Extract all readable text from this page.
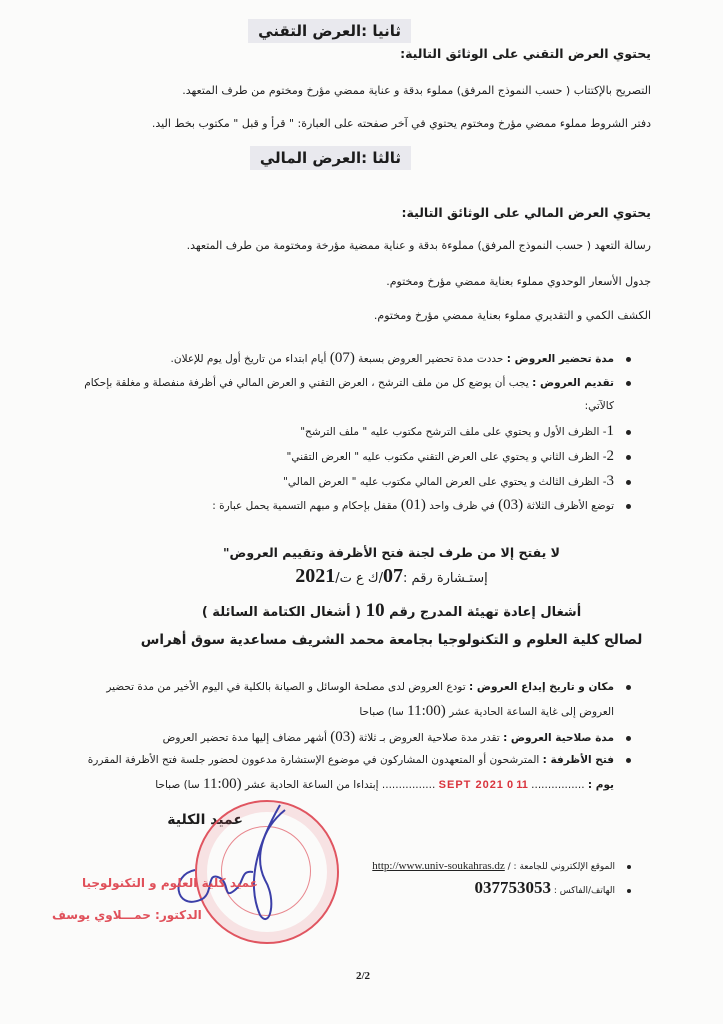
ثانيا :العرض التقني
يحتوي العرض التقني على الوثائق التالية:
التصريح بالإكتتاب ( حسب النموذج المرفق) مملوء بدقة و عناية ممضي مؤرخ ومختوم من طرف المتعهد.
دفتر الشروط مملوء ممضي مؤرخ ومختوم يحتوي في آخر صفحته على العبارة: " قرأ و قبل " مكتوب بخط اليد.
ثالثا :العرض المالي
يحتوي العرض المالي على الوثائق التالية:
رسالة التعهد ( حسب النموذج المرفق) مملوءة بدقة و عناية ممضية مؤرخة ومختومة من طرف المتعهد.
جدول الأسعار الوحدوي مملوء بعناية ممضي مؤرخ ومختوم.
الكشف الكمي و التقديري مملوء بعناية ممضي مؤرخ ومختوم.
مدة تحضير العروض : حددت مدة تحضير العروض بسبعة (07) أيام ابتداء من تاريخ أول يوم للإعلان.
تقديم العروض : يجب أن يوضع كل من ملف الترشح ، العرض التقني و العرض المالي في أظرفة منفصلة و مغلقة بإحكام
كالآتي:
1- الظرف الأول و يحتوي على ملف الترشح مكتوب عليه " ملف الترشح"
2- الظرف الثاني و يحتوي على العرض التقني مكتوب عليه " العرض التقني"
3- الظرف الثالث و يحتوي على العرض المالي مكتوب عليه " العرض المالي"
توضع الأظرف الثلاثة (03) في ظرف واحد (01) مقفل بإحكام و مبهم التسمية يحمل عبارة :
لا يفتح إلا من طرف لجنة فتح الأظرفة وتقييم العروض"
إستـشارة رقم :07/ك ع ت/2021
أشغال إعادة تهيئة المدرج رقم 10 ( أشغال الكتامة السائلة )
لصالح كلية العلوم و التكنولوجيا بجامعة محمد الشريف مساعدية سوق أهراس
مكان و تاريخ إيداع العروض : تودع العروض لدى مصلحة الوسائل و الصيانة بالكلية في اليوم الأخير من مدة تحضير
العروض إلى غاية الساعة الحادية عشر (11:00 سا) صباحا
مدة صلاحية العروض : تقدر مدة صلاحية العروض بـ ثلاثة (03) أشهر مضاف إليها مدة تحضير العروض
فتح الأظرفة : المترشحون أو المتعهدون المشاركون في موضوع الإستشارة مدعوون لحضور جلسة فتح الأظرفة المقررة
يوم : ................ 11 0 SEPT 2021 ................ إبتداءا من الساعة الحادية عشر (11:00 سا) صباحا
عميد الكلية
عميد كلية العلوم و التكنولوجيا
الدكتور: حمـــلاوي يوسف
الموقع الإلكتروني للجامعة : / http://www.univ-soukahras.dz
الهاتف/الفاكس : 037753053
2/2
